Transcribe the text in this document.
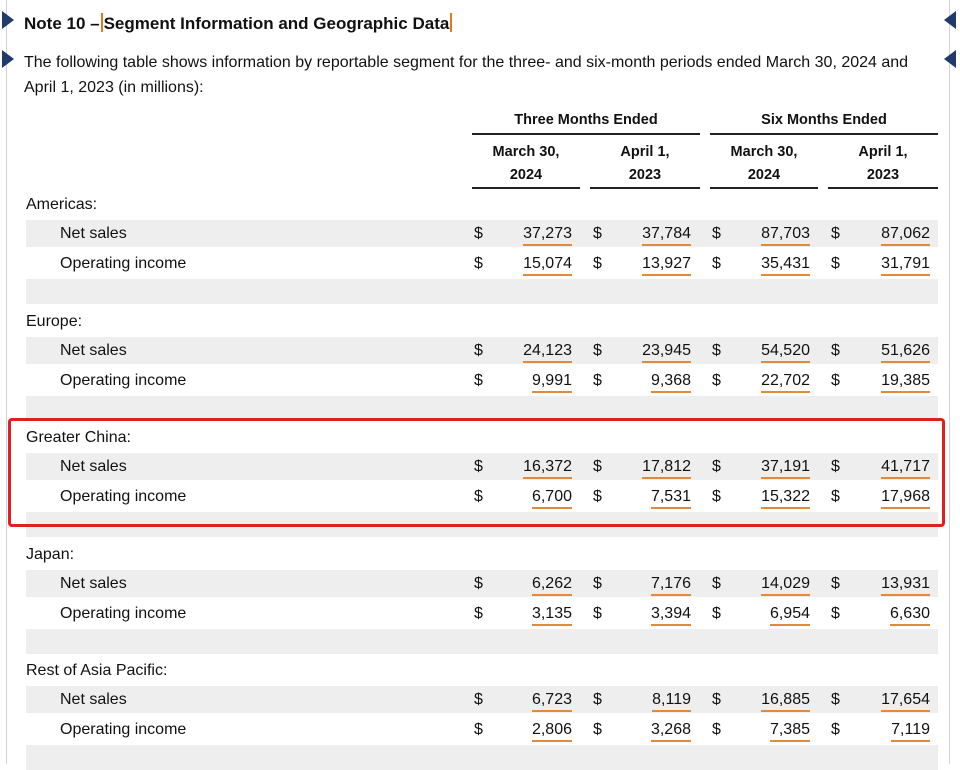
Note 10 – Segment Information and Geographic Data
The following table shows information by reportable segment for the three- and six-month periods ended March 30, 2024 and April 1, 2023 (in millions):
Three Months Ended	Six Months Ended
March 30,
2024
April 1,
2023
March 30,
2024
April 1,
2023
Americas:
Net sales	$	37,273 $	37,784 $	87,703 $	87,062
Operating income	$	15,074 $	13,927 $	35,431 $	31,791
Europe:
Net sales	$	24,123 $	23,945 $	54,520 $	51,626
Operating income	$	9,991 $	9,368 $	22,702 $	19,385
Greater China:
Net sales	$	16,372 $	17,812 $	37,191 $	41,717
Operating income	$	6,700 $	7,531 $	15,322 $	17,968
Japan:
Net sales	$	6,262 $	7,176 $	14,029 $	13,931
Operating income	$	3,135 $	3,394 $	6,954 $	6,630
Rest of Asia Pacific:
Net sales	$	6,723 $	8,119 $	16,885 $	17,654
Operating income	$	2,806 $	3,268 $	7,385 $	7,119
